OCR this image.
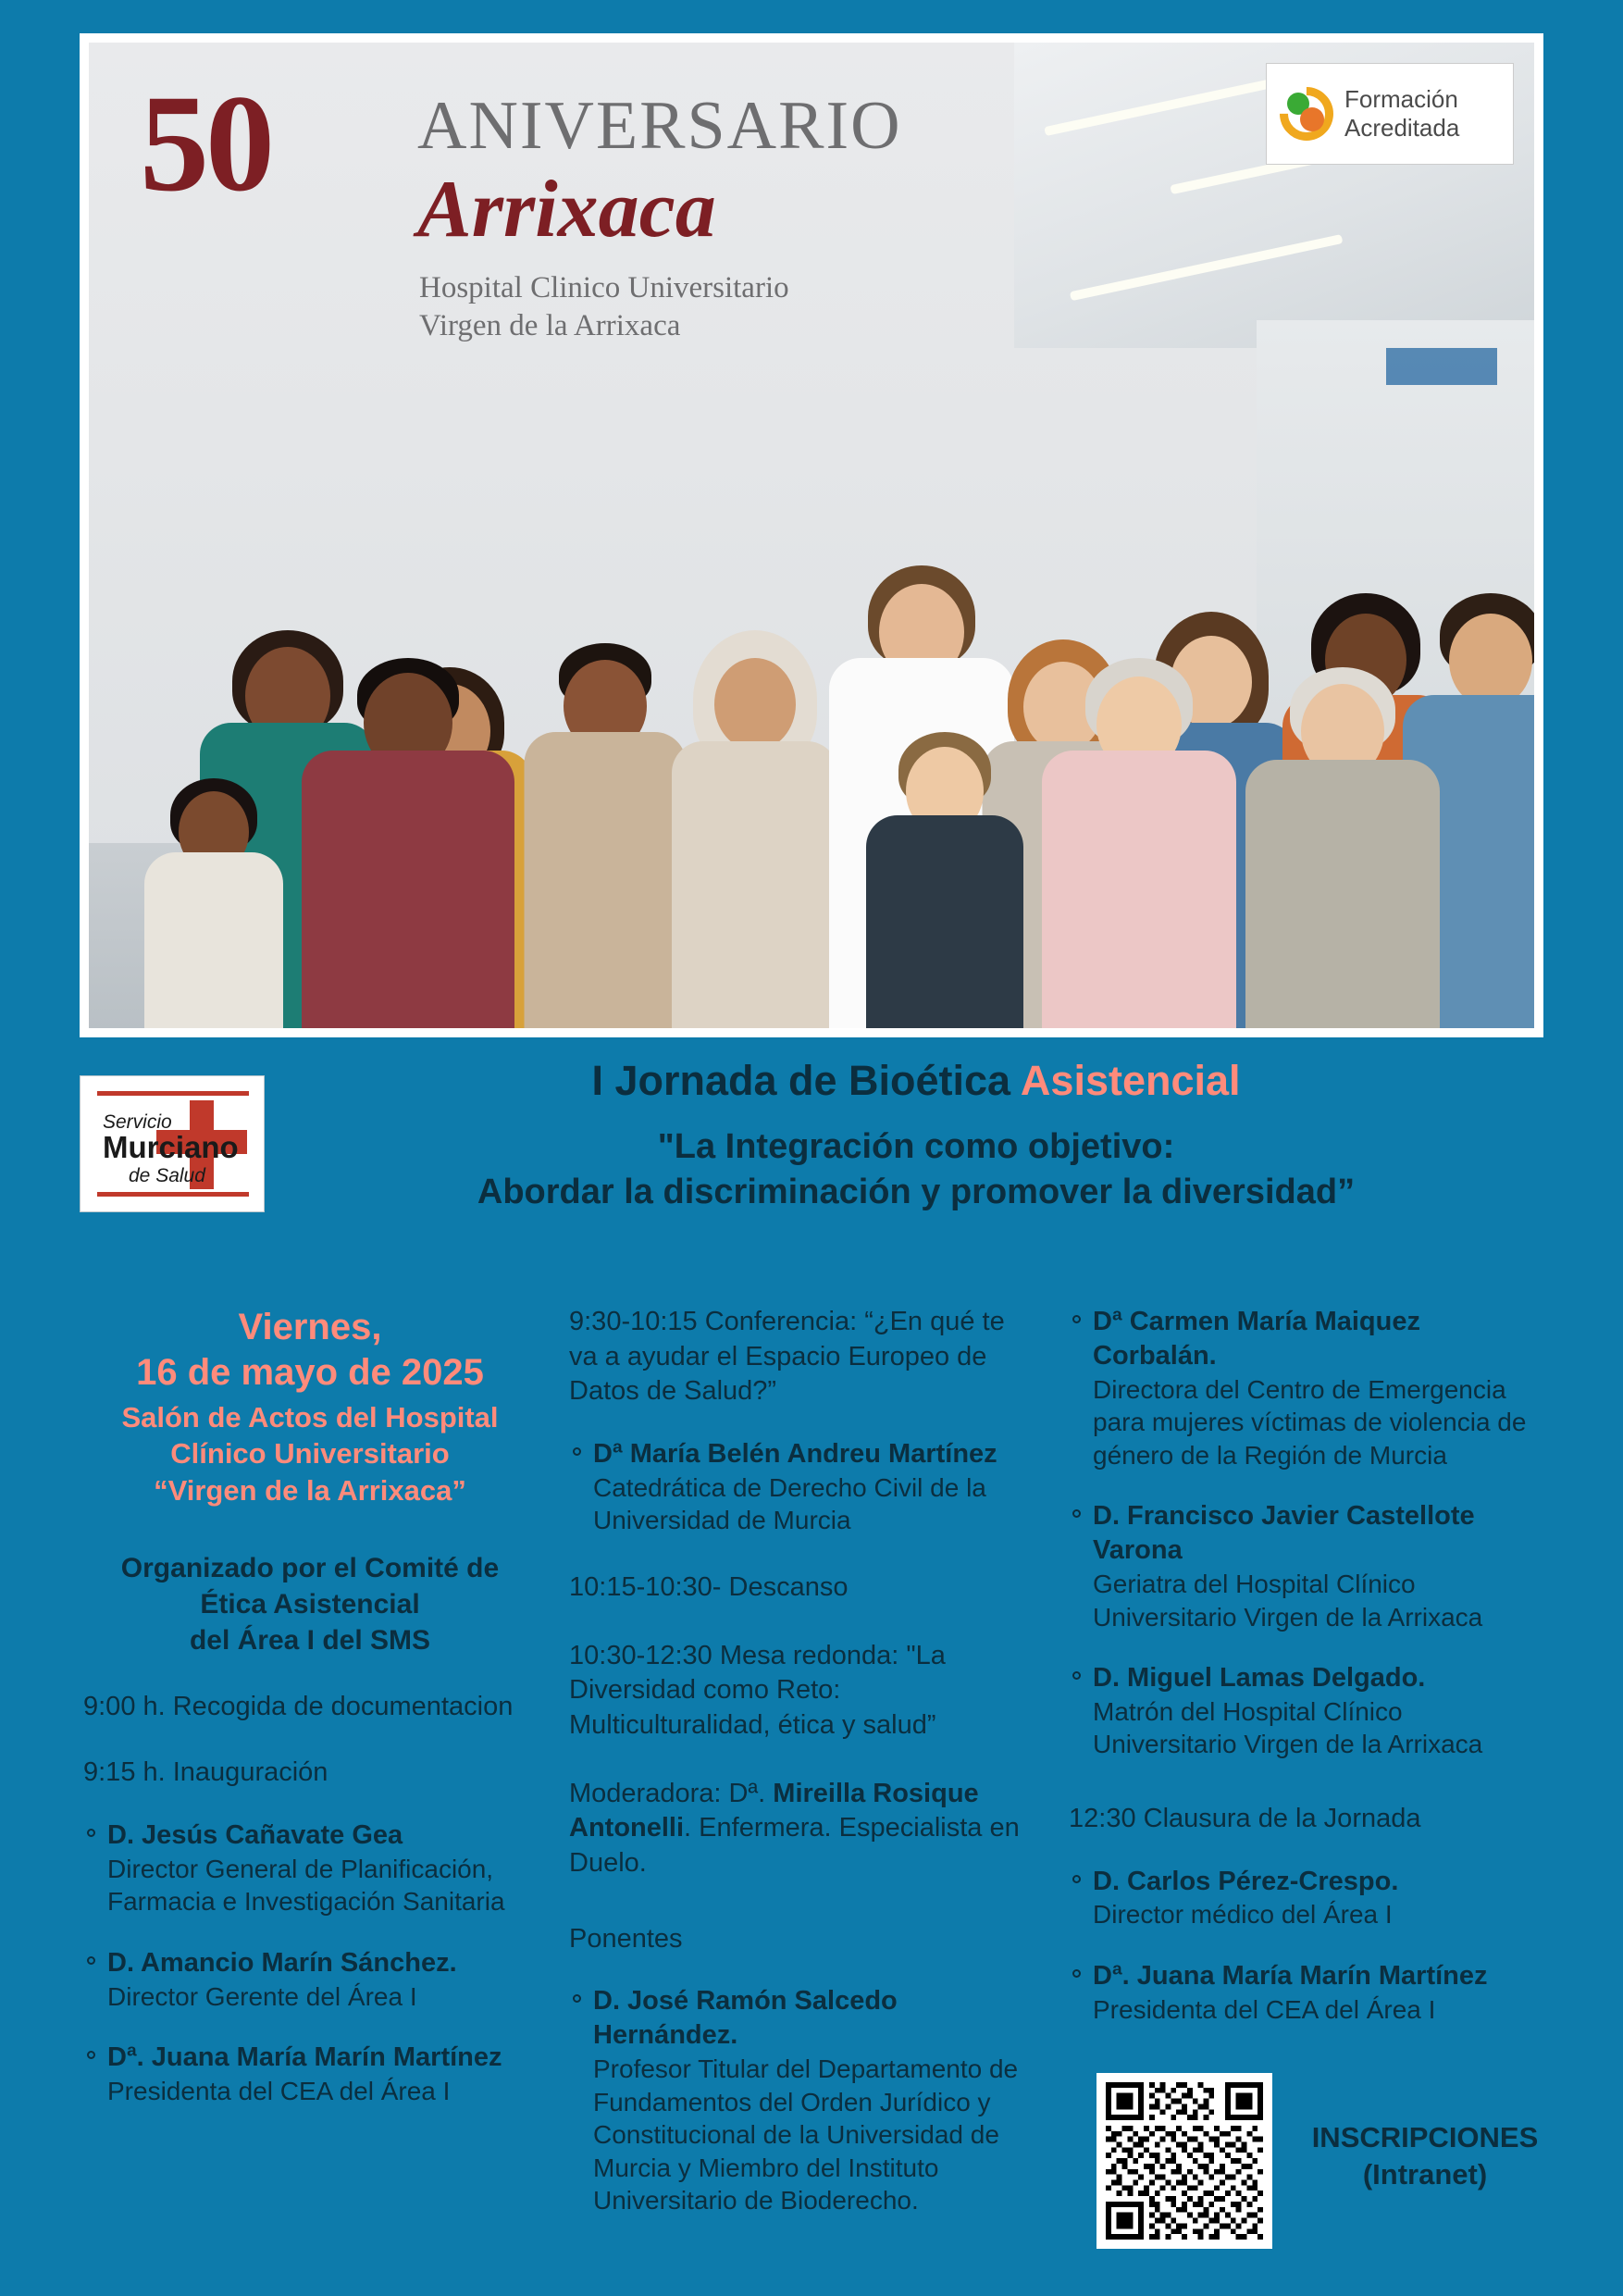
50 ANIVERSARIO
Arrixaca
Hospital Clinico Universitario
Virgen de la Arrixaca
Formación
Acreditada
Servicio
Murciano
de Salud
I Jornada de Bioética Asistencial
"La Integración como objetivo:
Abordar la discriminación y promover la diversidad”
Viernes,
16 de mayo de 2025
Salón de Actos del Hospital
Clínico Universitario
“Virgen de la Arrixaca”
Organizado por el Comité de
Ética Asistencial
del Área I del SMS
9:00 h. Recogida de documentacion
9:15 h. Inauguración
D. Jesús Cañavate Gea
Director General de Planificación, Farmacia e Investigación Sanitaria
D. Amancio Marín Sánchez.
Director Gerente del Área I
Dª. Juana María Marín Martínez
Presidenta del CEA del Área I
9:30-10:15 Conferencia: “¿En qué te va a ayudar el Espacio Europeo de Datos de Salud?”
Dª María Belén Andreu Martínez
Catedrática de Derecho Civil de la Universidad de Murcia
10:15-10:30- Descanso
10:30-12:30 Mesa redonda: "La Diversidad como Reto: Multiculturalidad, ética y salud”
Moderadora: Dª. Mireilla Rosique Antonelli. Enfermera. Especialista en Duelo.
Ponentes
D. José Ramón Salcedo Hernández.
Profesor Titular del Departamento de Fundamentos del Orden Jurídico y Constitucional de la Universidad de Murcia y Miembro del Instituto Universitario de Bioderecho.
Dª Carmen María Maiquez Corbalán.
Directora del Centro de Emergencia para mujeres víctimas de violencia de género de la Región de Murcia
D. Francisco Javier Castellote Varona
Geriatra del Hospital Clínico Universitario Virgen de la Arrixaca
D. Miguel Lamas Delgado.
Matrón del Hospital Clínico Universitario Virgen de la Arrixaca
12:30 Clausura de la Jornada
D. Carlos Pérez-Crespo.
Director médico del Área I
Dª. Juana María Marín Martínez
Presidenta del CEA del Área I
INSCRIPCIONES
(Intranet)
